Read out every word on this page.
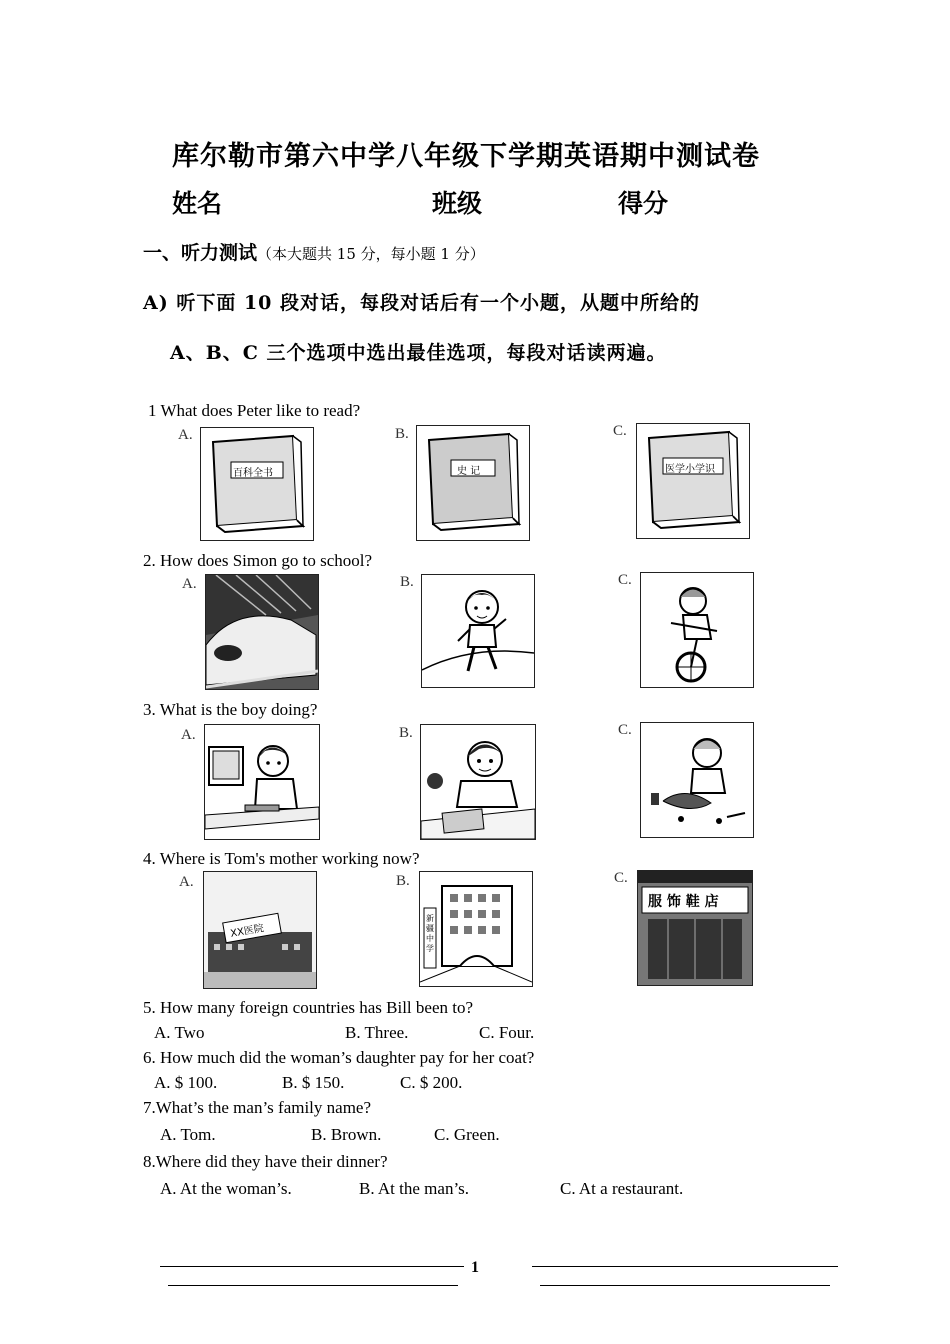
库尔勒市第六中学八年级下学期英语期中测试卷
姓名	班级	得分
一、听力测试（本大题共 15 分，每小题 1 分）
A) 听下面 10 段对话，每段对话后有一个小题，从题中所给的
A、B、C 三个选项中选出最佳选项，每段对话读两遍。
1 What does Peter like to read?
A.	B.	C.
百科全书	史 记	医学小学识
2. How does Simon go to school?
A.	B.	C.
3. What is the boy doing?
A.	B.	C.
4. Where is Tom's mother working now?
A.	B.	C.
XX医院
新疆中学
服 饰 鞋 店
5. How many foreign countries has Bill been to?
A. Two	B. Three.	C. Four.
6. How much did the woman’s daughter pay for her coat?
A. $ 100.	B. $ 150.	C. $ 200.
7.What’s the man’s family name?
A. Tom.	B. Brown.	C. Green.
8.Where did they have their dinner?
A. At the woman’s.	B. At the man’s.	C. At a restaurant.
1
